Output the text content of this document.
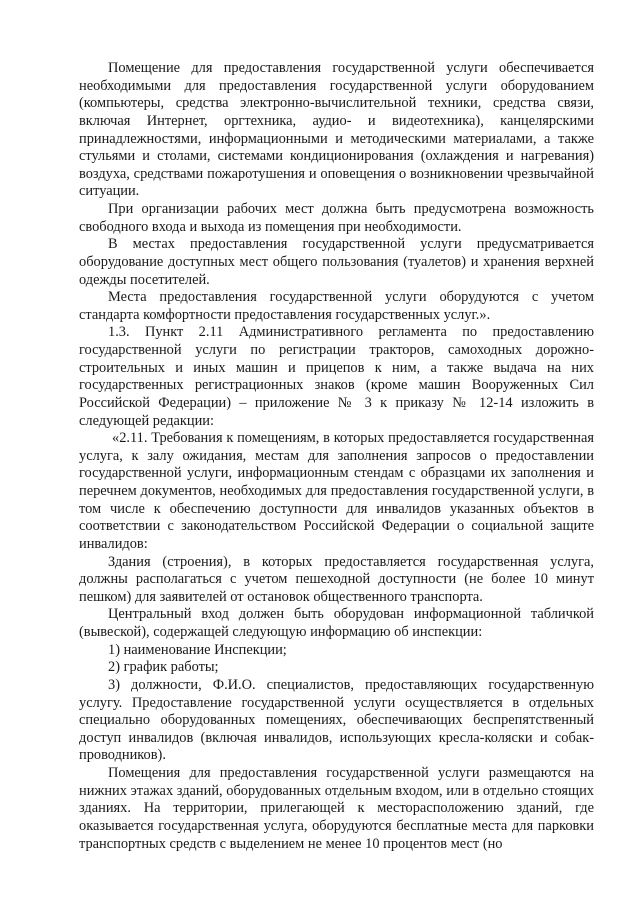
Помещение для предоставления государственной услуги обеспечивается необходимыми для предоставления государственной услуги оборудованием (компьютеры, средства электронно-вычислительной техники, средства связи, включая Интернет, оргтехника, аудио- и видеотехника), канцелярскими принадлежностями, информационными и методическими материалами, а также стульями и столами, системами кондиционирования (охлаждения и нагревания) воздуха, средствами пожаротушения и оповещения о возникновении чрезвычайной ситуации.

При организации рабочих мест должна быть предусмотрена возможность свободного входа и выхода из помещения при необходимости.

В местах предоставления государственной услуги предусматривается оборудование доступных мест общего пользования (туалетов) и хранения верхней одежды посетителей.

Места предоставления государственной услуги оборудуются с учетом стандарта комфортности предоставления государственных услуг.».

1.3. Пункт 2.11 Административного регламента по предоставлению государственной услуги по регистрации тракторов, самоходных дорожно-строительных и иных машин и прицепов к ним, а также выдача на них государственных регистрационных знаков (кроме машин Вооруженных Сил Российской Федерации) – приложение № 3 к приказу № 12-14 изложить в следующей редакции:

«2.11. Требования к помещениям, в которых предоставляется государственная услуга, к залу ожидания, местам для заполнения запросов о предоставлении государственной услуги, информационным стендам с образцами их заполнения и перечнем документов, необходимых для предоставления государственной услуги, в том числе к обеспечению доступности для инвалидов указанных объектов в соответствии с законодательством Российской Федерации о социальной защите инвалидов:

Здания (строения), в которых предоставляется государственная услуга, должны располагаться с учетом пешеходной доступности (не более 10 минут пешком) для заявителей от остановок общественного транспорта.

Центральный вход должен быть оборудован информационной табличкой (вывеской), содержащей следующую информацию об инспекции:

1) наименование Инспекции;

2) график работы;

3) должности, Ф.И.О. специалистов, предоставляющих государственную услугу. Предоставление государственной услуги осуществляется в отдельных специально оборудованных помещениях, обеспечивающих беспрепятственный доступ инвалидов (включая инвалидов, использующих кресла-коляски и собак-проводников).

Помещения для предоставления государственной услуги размещаются на нижних этажах зданий, оборудованных отдельным входом, или в отдельно стоящих зданиях. На территории, прилегающей к месторасположению зданий, где оказывается государственная услуга, оборудуются бесплатные места для парковки транспортных средств с выделением не менее 10 процентов мест (но
